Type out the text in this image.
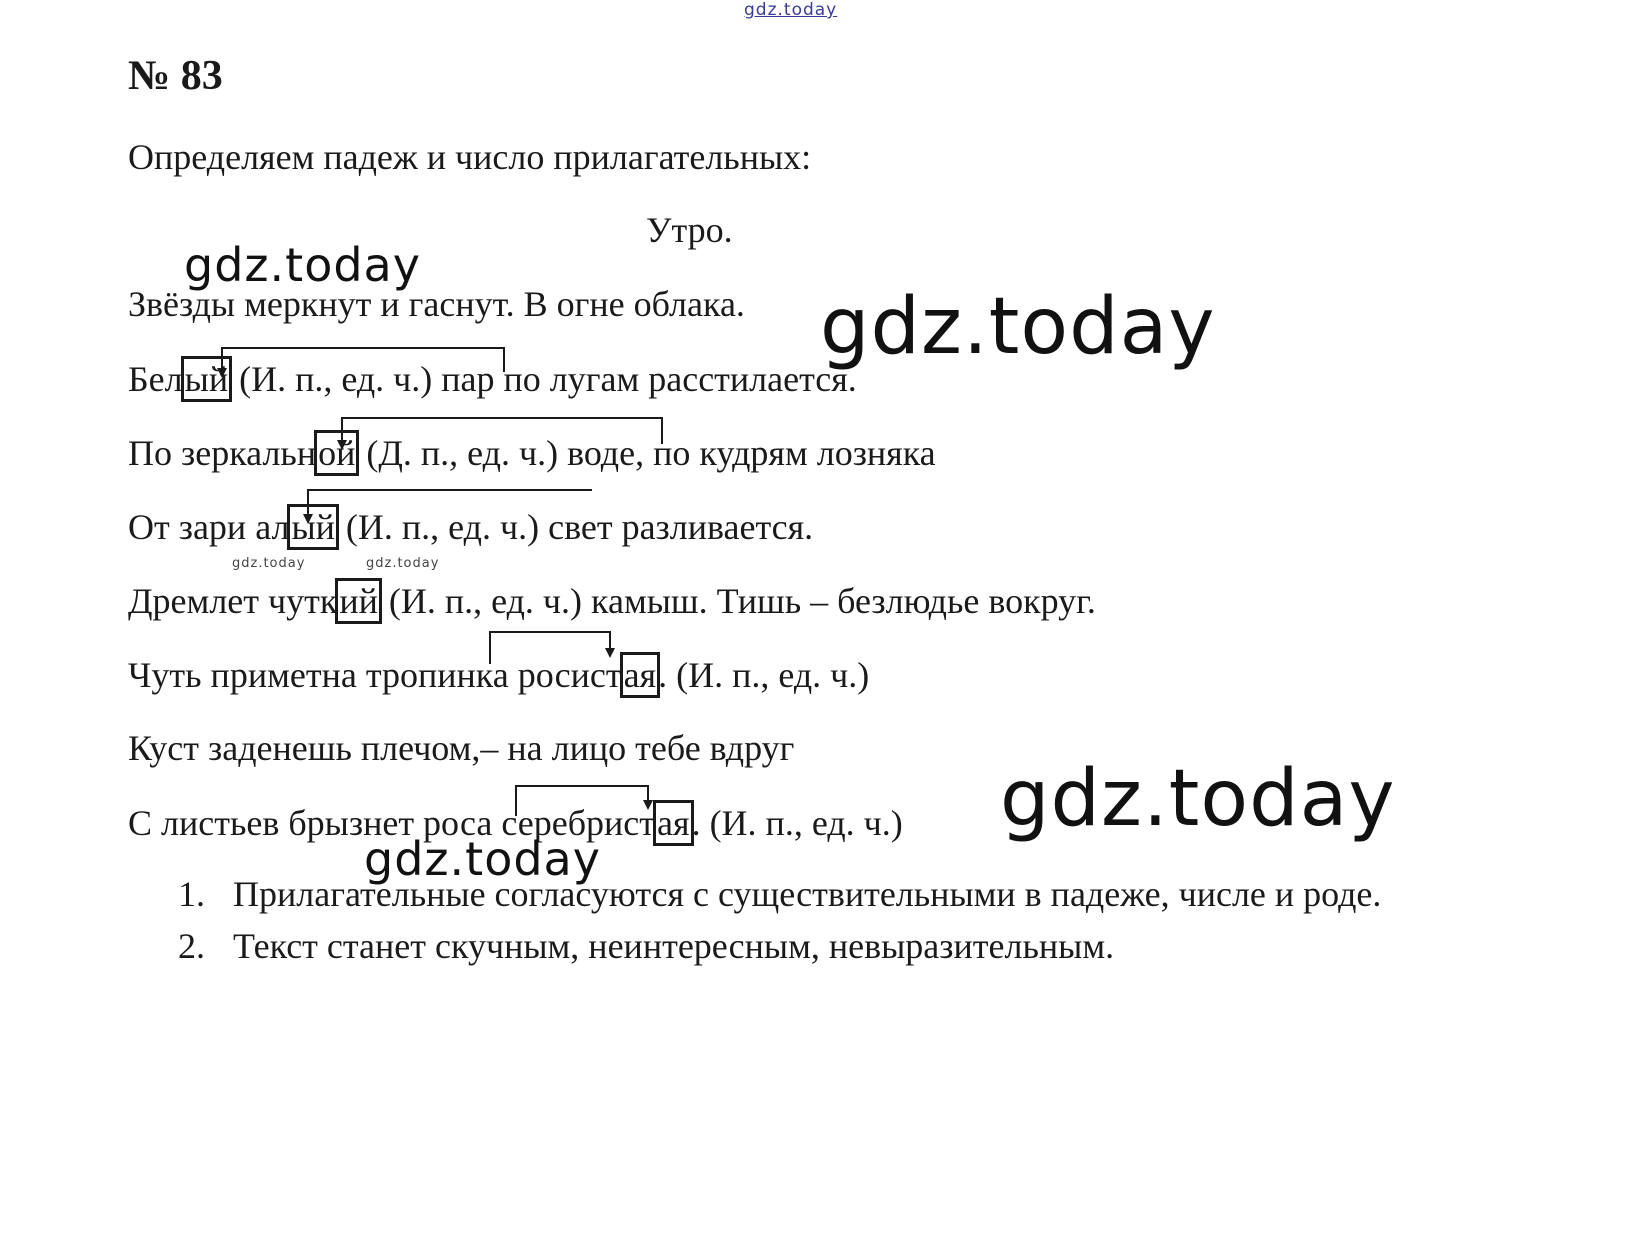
gdz.today
№ 83

Определяем падеж и число прилагательных:

Утро.

gdz.today

Звёзды меркнут и гаснут. В огне облака. gdz.today

Белый (И. п., ед. ч.) пар по лугам расстилается.

По зеркальной (Д. п., ед. ч.) воде, по кудрям лозняка

От зари алый (И. п., ед. ч.) свет разливается.

gdz.today	gdz.today

Дремлет чуткий (И. п., ед. ч.) камыш. Тишь – безлюдье вокруг.

Чуть приметна тропинка росистая. (И. п., ед. ч.)

Куст заденешь плечом,– на лицо тебе вдруг

С листьев брызнет роса серебристая. (И. п., ед. ч.) gdz.today
gdz.today
1. Прилагательные согласуются с существительными в падеже, числе и роде.
2. Текст станет скучным, неинтересным, невыразительным.
